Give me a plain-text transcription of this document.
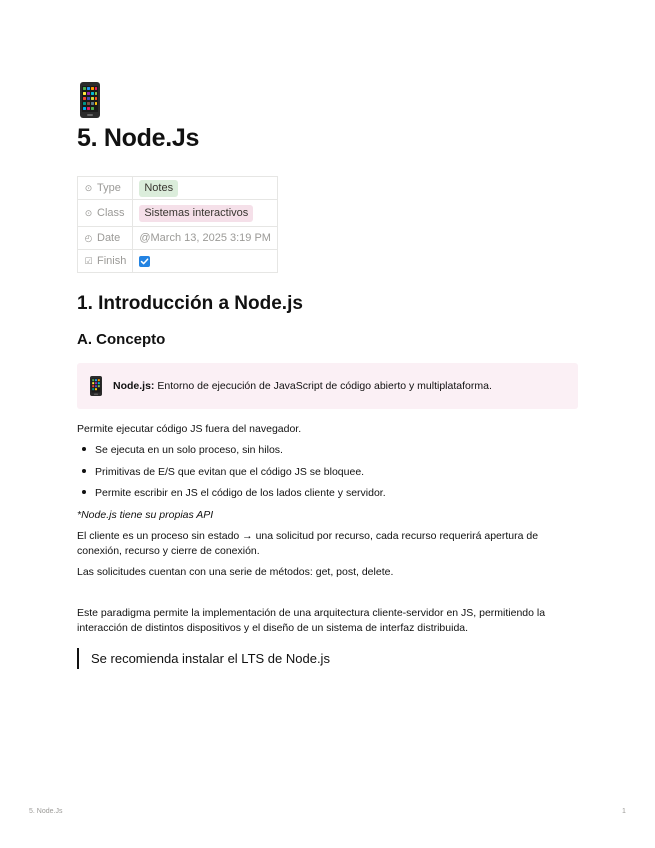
5. Node.Js
⊙ Type	Notes
⊙ Class	Sistemas interactivos
◴ Date	@March 13, 2025 3:19 PM
☑ Finish	
1. Introducción a Node.js
A. Concepto
Node.js: Entorno de ejecución de JavaScript de código abierto y multiplataforma.

Permite ejecutar código JS fuera del navegador.

Se ejecuta en un solo proceso, sin hilos.
Primitivas de E/S que evitan que el código JS se bloquee.
Permite escribir en JS el código de los lados cliente y servidor.

*Node.js tiene su propias API

El cliente es un proceso sin estado → una solicitud por recurso, cada recurso requerirá apertura de conexión, recurso y cierre de conexión.

Las solicitudes cuentan con una serie de métodos: get, post, delete.

Este paradigma permite la implementación de una arquitectura cliente-servidor en JS, permitiendo la interacción de distintos dispositivos y el diseño de un sistema de interfaz distribuida.

Se recomienda instalar el LTS de Node.js
5. Node.Js	1
